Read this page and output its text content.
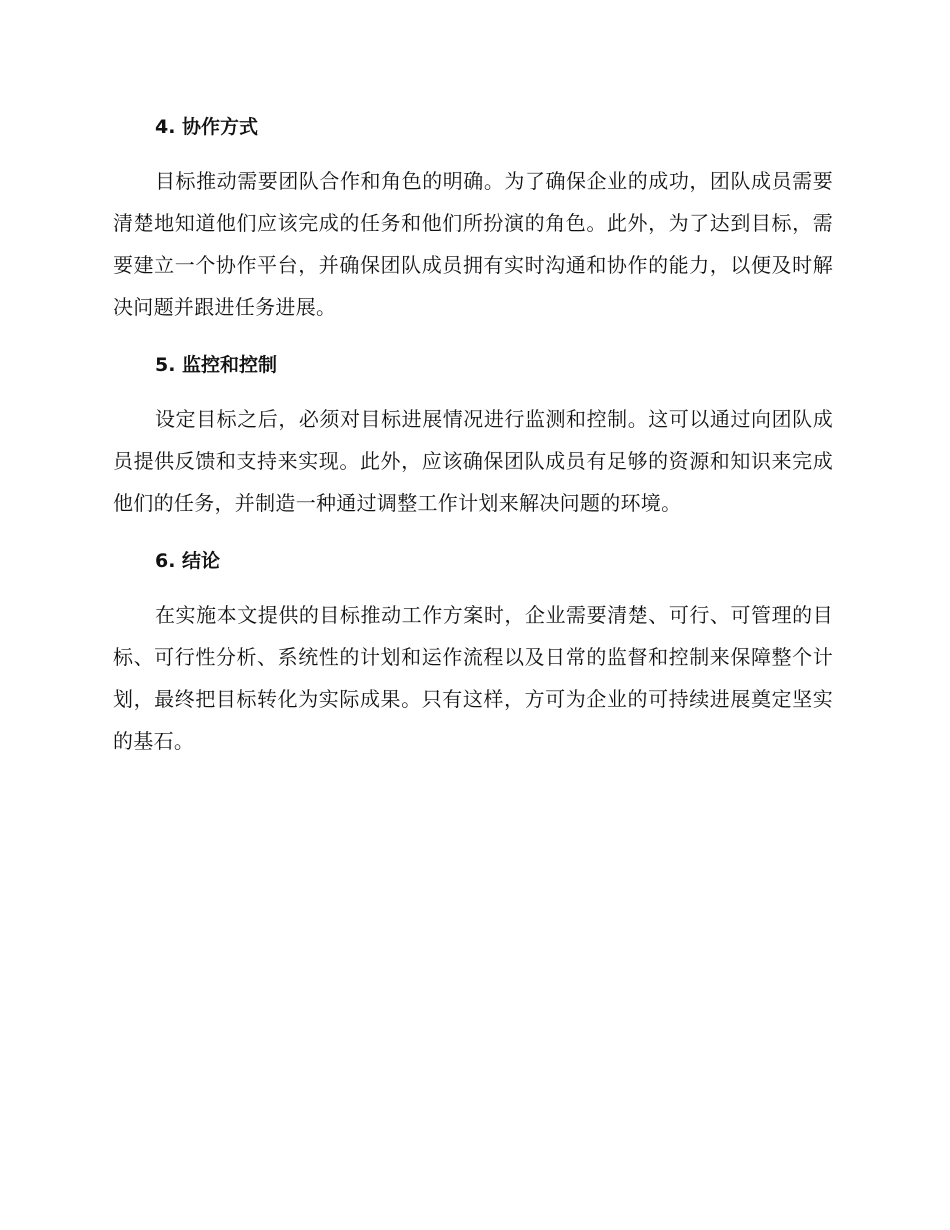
4. 协作方式

目标推动需要团队合作和角色的明确。为了确保企业的成功，团队成员需要清楚地知道他们应该完成的任务和他们所扮演的角色。此外，为了达到目标，需要建立一个协作平台，并确保团队成员拥有实时沟通和协作的能力，以便及时解决问题并跟进任务进展。

5. 监控和控制

设定目标之后，必须对目标进展情况进行监测和控制。这可以通过向团队成员提供反馈和支持来实现。此外，应该确保团队成员有足够的资源和知识来完成他们的任务，并制造一种通过调整工作计划来解决问题的环境。

6. 结论

在实施本文提供的目标推动工作方案时，企业需要清楚、可行、可管理的目标、可行性分析、系统性的计划和运作流程以及日常的监督和控制来保障整个计划，最终把目标转化为实际成果。只有这样，方可为企业的可持续进展奠定坚实的基石。
